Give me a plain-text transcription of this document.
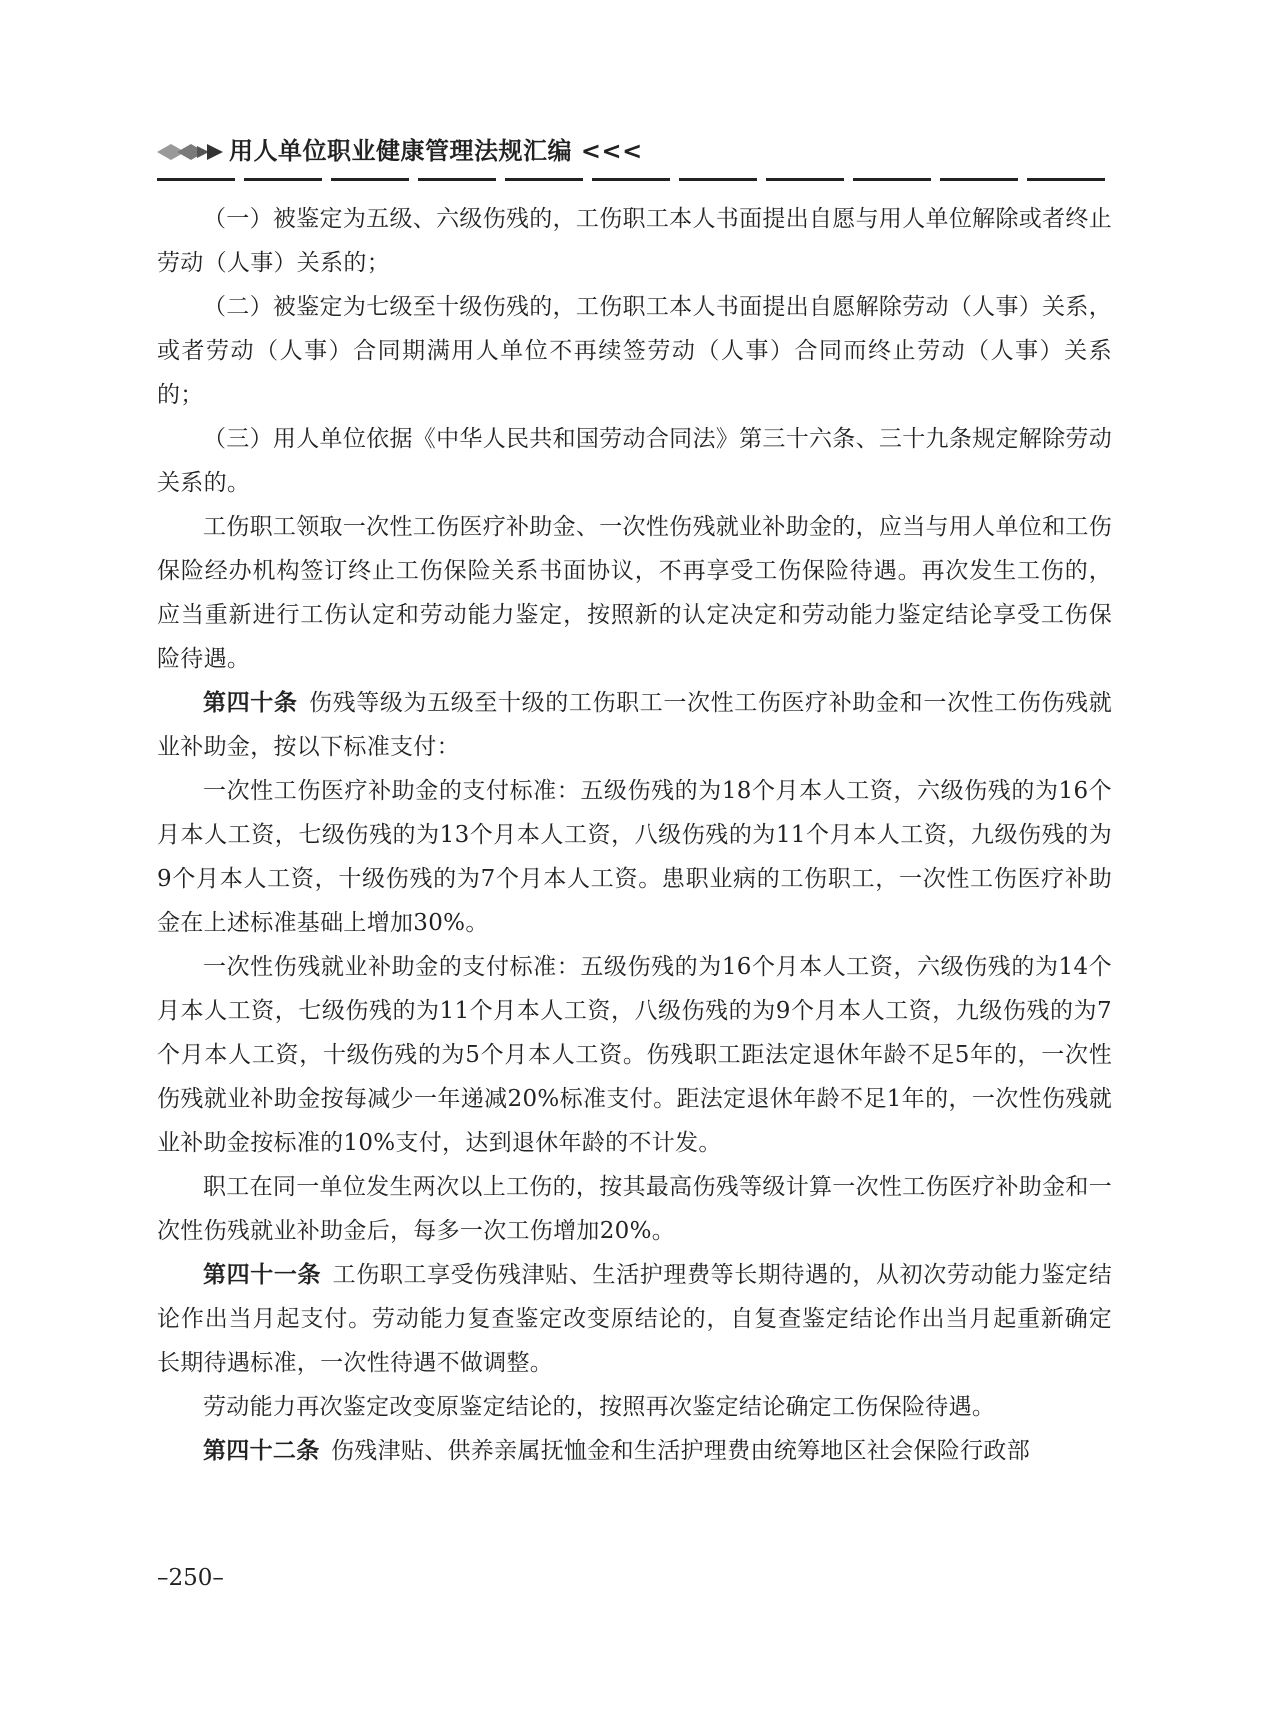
用人单位职业健康管理法规汇编 <<<

（一）被鉴定为五级、六级伤残的，工伤职工本人书面提出自愿与用人单位解除或者终止劳动（人事）关系的；

（二）被鉴定为七级至十级伤残的，工伤职工本人书面提出自愿解除劳动（人事）关系，或者劳动（人事）合同期满用人单位不再续签劳动（人事）合同而终止劳动（人事）关系的；

（三）用人单位依据《中华人民共和国劳动合同法》第三十六条、三十九条规定解除劳动关系的。

工伤职工领取一次性工伤医疗补助金、一次性伤残就业补助金的，应当与用人单位和工伤保险经办机构签订终止工伤保险关系书面协议，不再享受工伤保险待遇。再次发生工伤的，应当重新进行工伤认定和劳动能力鉴定，按照新的认定决定和劳动能力鉴定结论享受工伤保险待遇。

第四十条 伤残等级为五级至十级的工伤职工一次性工伤医疗补助金和一次性工伤伤残就业补助金，按以下标准支付：

一次性工伤医疗补助金的支付标准：五级伤残的为18个月本人工资，六级伤残的为16个月本人工资，七级伤残的为13个月本人工资，八级伤残的为11个月本人工资，九级伤残的为9个月本人工资，十级伤残的为7个月本人工资。患职业病的工伤职工，一次性工伤医疗补助金在上述标准基础上增加30%。

一次性伤残就业补助金的支付标准：五级伤残的为16个月本人工资，六级伤残的为14个月本人工资，七级伤残的为11个月本人工资，八级伤残的为9个月本人工资，九级伤残的为7个月本人工资，十级伤残的为5个月本人工资。伤残职工距法定退休年龄不足5年的，一次性伤残就业补助金按每减少一年递减20%标准支付。距法定退休年龄不足1年的，一次性伤残就业补助金按标准的10%支付，达到退休年龄的不计发。

职工在同一单位发生两次以上工伤的，按其最高伤残等级计算一次性工伤医疗补助金和一次性伤残就业补助金后，每多一次工伤增加20%。

第四十一条 工伤职工享受伤残津贴、生活护理费等长期待遇的，从初次劳动能力鉴定结论作出当月起支付。劳动能力复查鉴定改变原结论的，自复查鉴定结论作出当月起重新确定长期待遇标准，一次性待遇不做调整。

劳动能力再次鉴定改变原鉴定结论的，按照再次鉴定结论确定工伤保险待遇。

第四十二条 伤残津贴、供养亲属抚恤金和生活护理费由统筹地区社会保险行政部

–250–
